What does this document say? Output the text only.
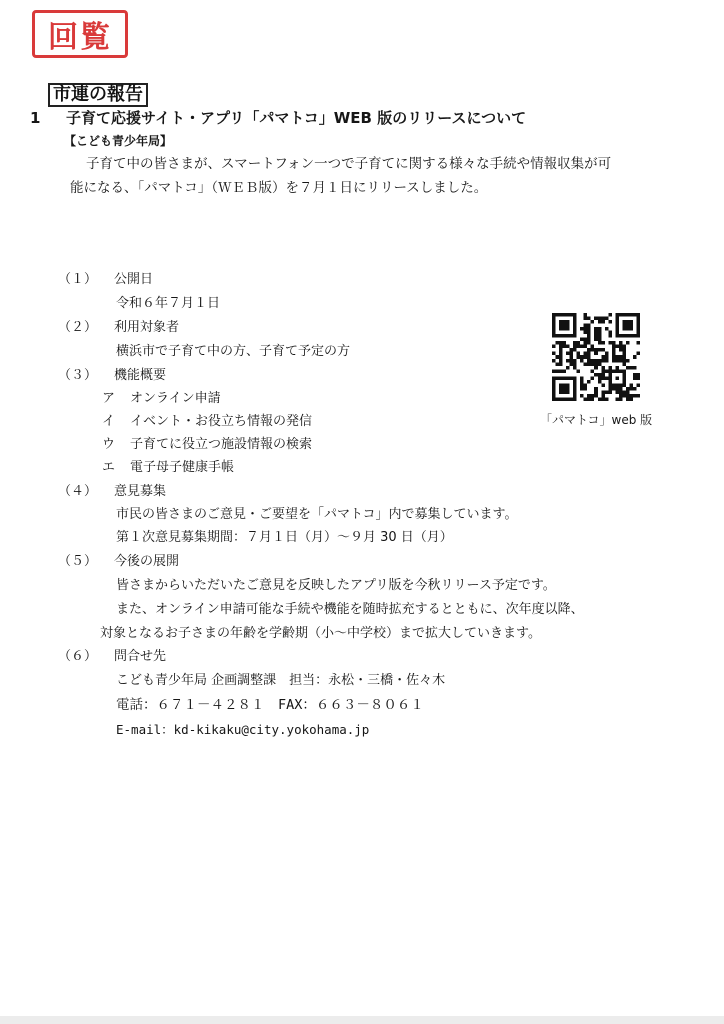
回覧
市連の報告
1 子育て応援サイト・アプリ「パマトコ」WEB 版のリリースについて
【こども青少年局】
子育て中の皆さまが、スマートフォン一つで子育てに関する様々な手続や情報収集が可
能になる、「パマトコ」（ＷＥＢ版）を７月１日にリリースしました。
（１） 公開日
令和６年７月１日
（２） 利用対象者
横浜市で子育て中の方、子育て予定の方
（３） 機能概要
ア オンライン申請
イ イベント・お役立ち情報の発信
ウ 子育てに役立つ施設情報の検索
エ 電子母子健康手帳
（４） 意見募集
市民の皆さまのご意見・ご要望を「パマトコ」内で募集しています。
第１次意見募集期間：７月１日（月）～９月 30 日（月）
（５） 今後の展開
皆さまからいただいたご意見を反映したアプリ版を今秋リリース予定です。
また、オンライン申請可能な手続や機能を随時拡充するとともに、次年度以降、
対象となるお子さまの年齢を学齢期（小～中学校）まで拡大していきます。
（６） 問合せ先
こども青少年局 企画調整課　担当：永松・三橋・佐々木
電話：６７１－４２８１　FAX：６６３－８０６１
E-mail：kd-kikaku@city.yokohama.jp
「パマトコ」web 版
